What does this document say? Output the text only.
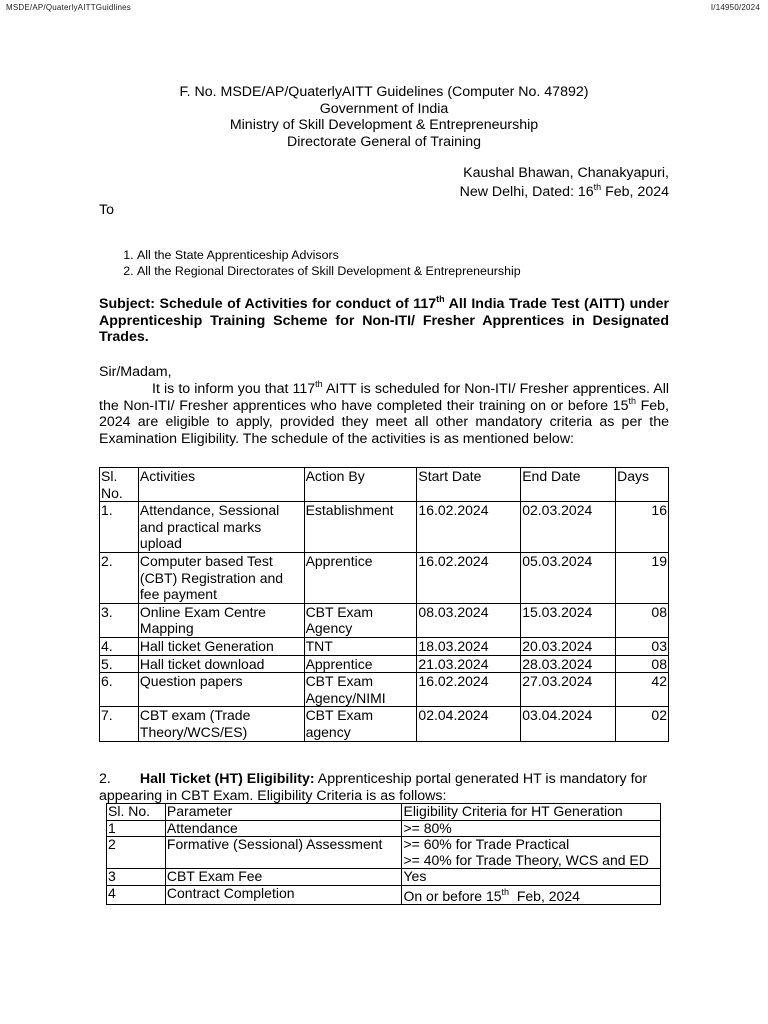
MSDE/AP/QuaterlyAITTGuidlines	I/14950/2024
F. No. MSDE/AP/QuaterlyAITT Guidelines (Computer No. 47892)
Government of India
Ministry of Skill Development & Entrepreneurship
Directorate General of Training
Kaushal Bhawan, Chanakyapuri,
New Delhi, Dated: 16th Feb, 2024
To
1. All the State Apprenticeship Advisors
2. All the Regional Directorates of Skill Development & Entrepreneurship
Subject: Schedule of Activities for conduct of 117th All India Trade Test (AITT) under Apprenticeship Training Scheme for Non-ITI/ Fresher Apprentices in Designated Trades.
Sir/Madam,
It is to inform you that 117th AITT is scheduled for Non-ITI/ Fresher apprentices. All the Non-ITI/ Fresher apprentices who have completed their training on or before 15th Feb, 2024 are eligible to apply, provided they meet all other mandatory criteria as per the Examination Eligibility. The schedule of the activities is as mentioned below:
Sl. No.	Activities	Action By	Start Date	End Date	Days
1.	Attendance, Sessional and practical marks upload	Establishment	16.02.2024	02.03.2024	16
2.	Computer based Test (CBT) Registration and fee payment	Apprentice	16.02.2024	05.03.2024	19
3.	Online Exam Centre Mapping	CBT Exam Agency	08.03.2024	15.03.2024	08
4.	Hall ticket Generation	TNT	18.03.2024	20.03.2024	03
5.	Hall ticket download	Apprentice	21.03.2024	28.03.2024	08
6.	Question papers	CBT Exam Agency/NIMI	16.02.2024	27.03.2024	42
7.	CBT exam (Trade Theory/WCS/ES)	CBT Exam agency	02.04.2024	03.04.2024	02
2. Hall Ticket (HT) Eligibility: Apprenticeship portal generated HT is mandatory for appearing in CBT Exam. Eligibility Criteria is as follows:
Sl. No.	Parameter	Eligibility Criteria for HT Generation
1	Attendance	>= 80%
2	Formative (Sessional) Assessment	>= 60% for Trade Practical
>= 40% for Trade Theory, WCS and ED

3	CBT Exam Fee	Yes
4	Contract Completion	On or before 15th  Feb, 2024
